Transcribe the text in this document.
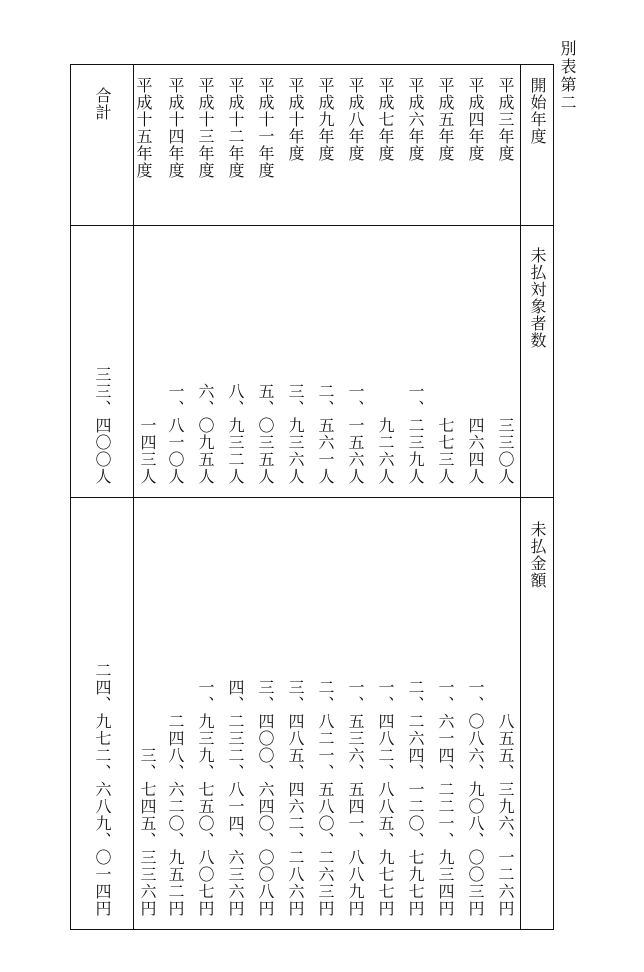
別表第二
開始年度
未払対象者数
未払金額
平成三年度
三三〇人
八五五、三九六、一二六円
平成四年度
四六四人
一、〇八六、九〇八、〇〇三円
平成五年度
七七三人
一、六一四、二二一、九三四円
平成六年度
一、二三九人
二、二六四、一二〇、七九七円
平成七年度
九二六人
一、四八二、八八五、九七七円
平成八年度
一、一五六人
一、五三六、五四一、八八九円
平成九年度
二、五六一人
二、八二一、五八〇、二六三円
平成十年度
三、九三六人
三、四八五、四六二、二八六円
平成十一年度
五、〇三五人
三、四〇〇、六四〇、〇〇八円
平成十二年度
八、九三二人
四、二三二、八一四、六三六円
平成十三年度
六、〇九五人
一、九三九、七五〇、八〇七円
平成十四年度
一、八一〇人
二四八、六二〇、九五二円
平成十五年度
一四三人
三、七四五、三三六円
合計
三三、四〇〇人
二四、九七二、六八九、〇一四円
